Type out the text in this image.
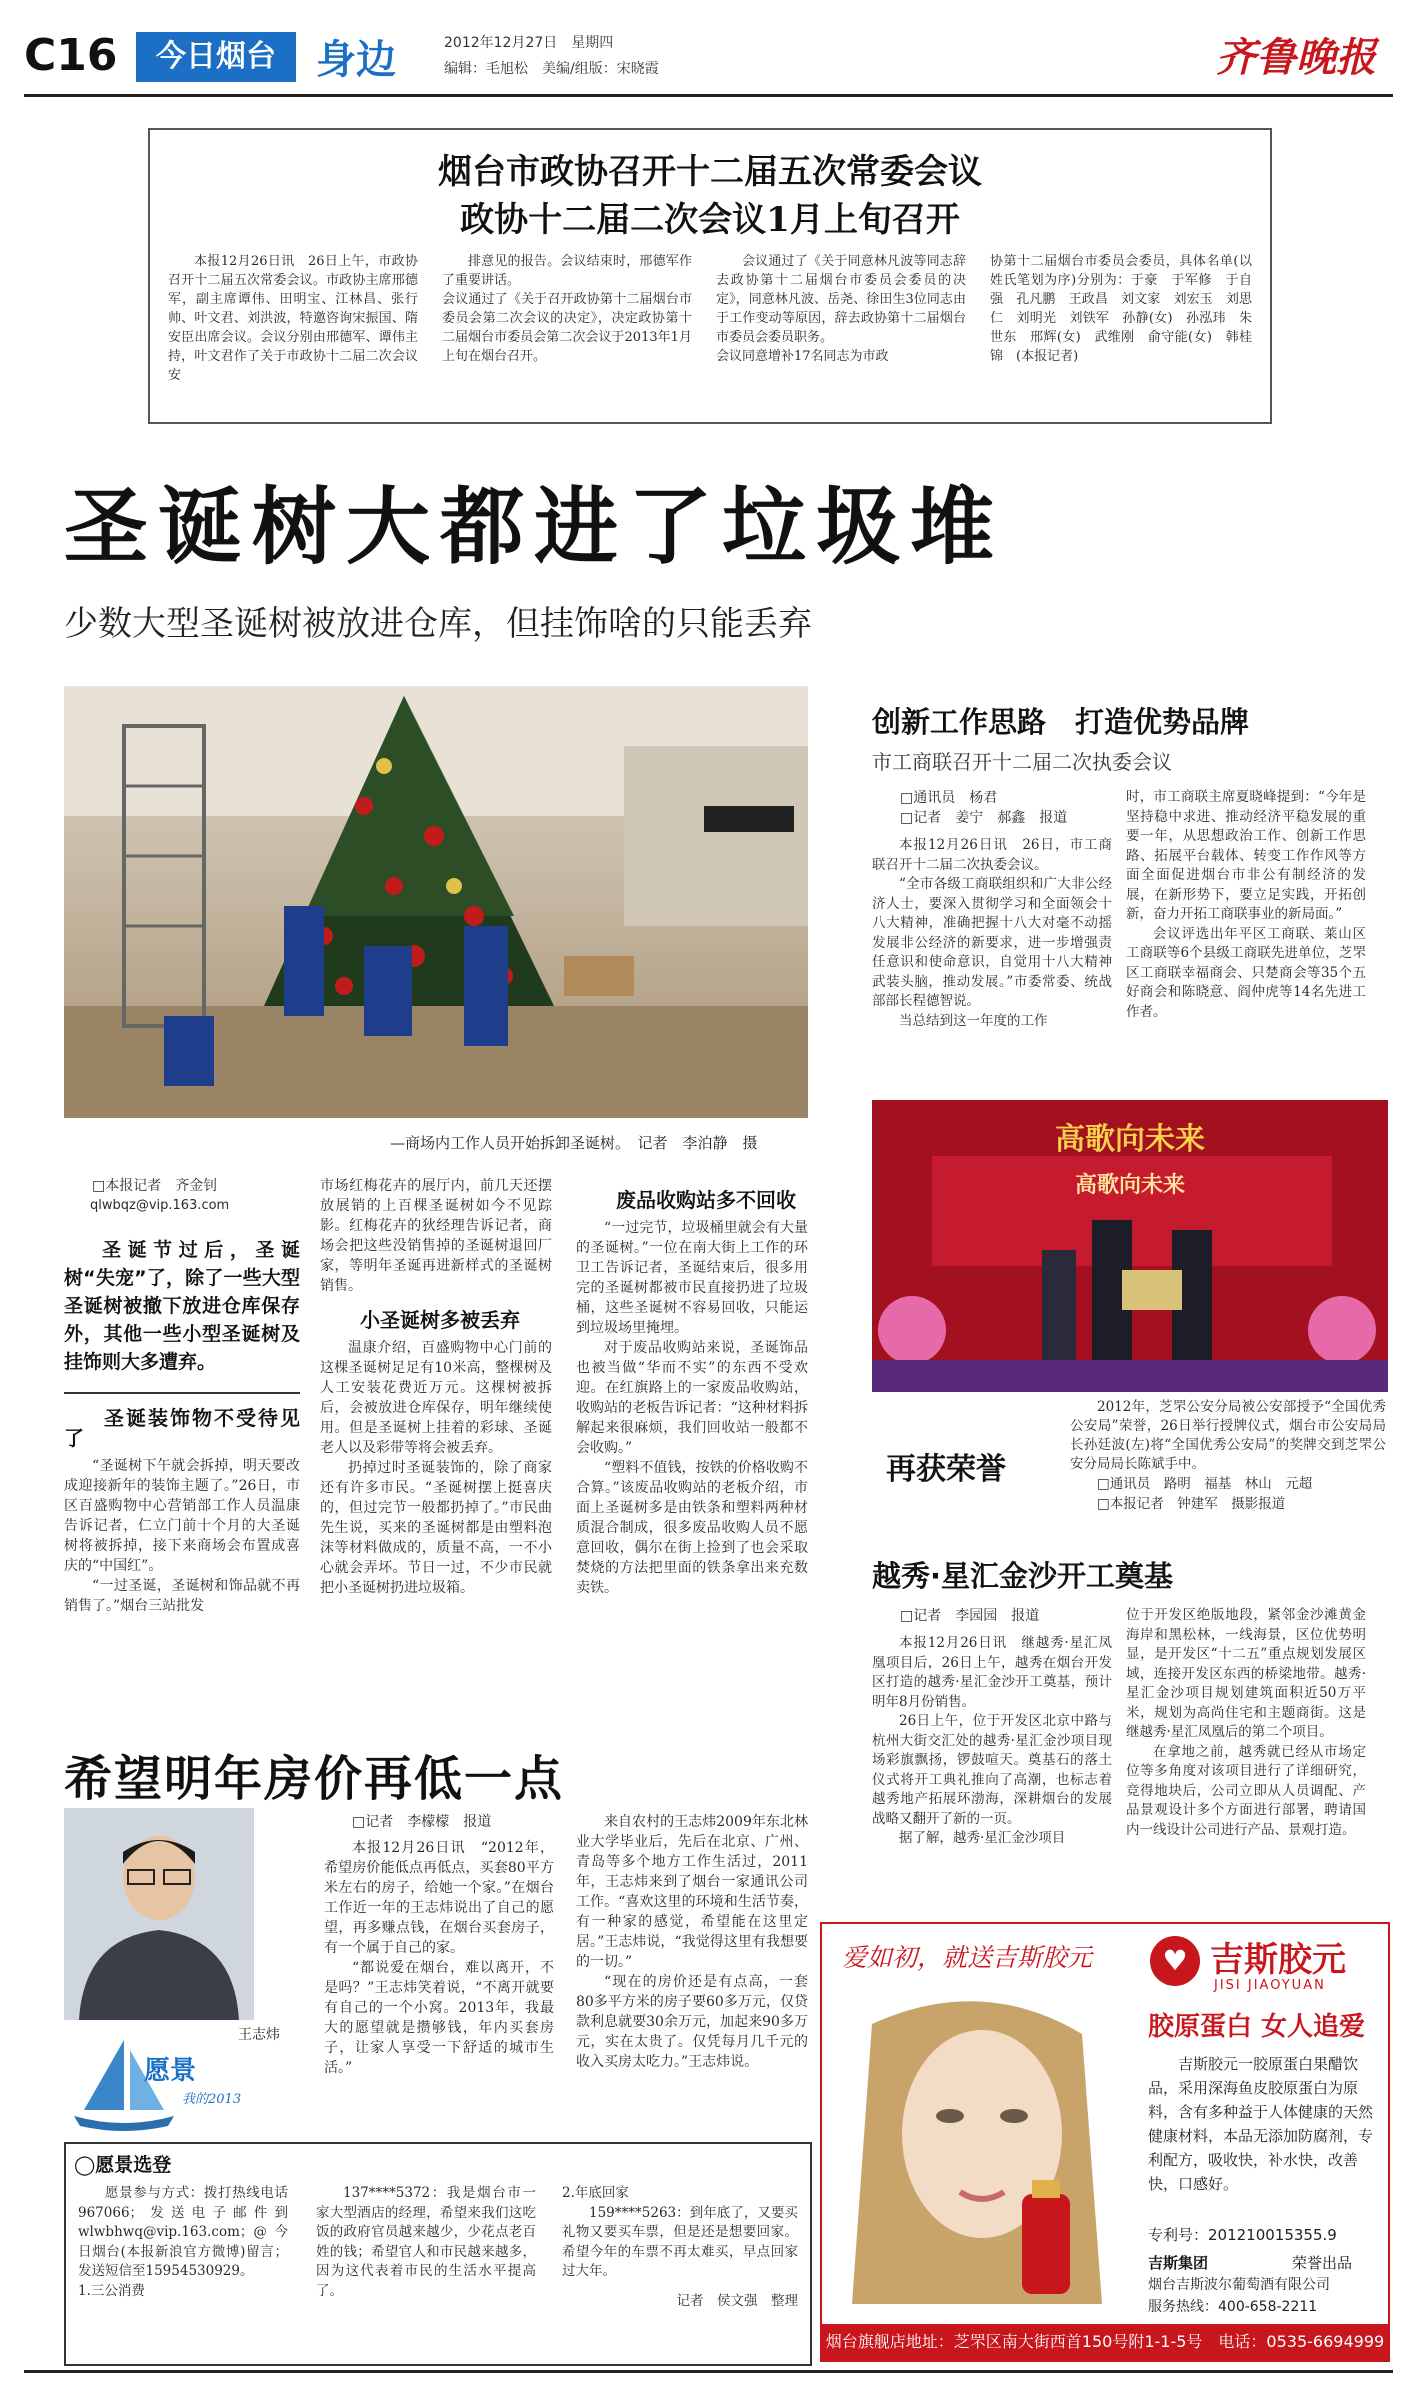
C16	今日烟台	身边	2012年12月27日　星期四
编辑：毛旭松　美编/组版：宋晓霞	齐鲁晚报
烟台市政协召开十二届五次常委会议
政协十二届二次会议1月上旬召开
本报12月26日讯　26日上午，市政协召开十二届五次常委会议。市政协主席邢德军，副主席谭伟、田明宝、江林昌、张行帅、叶文君、刘洪波，特邀咨询宋振国、隋安臣出席会议。会议分别由邢德军、谭伟主持，叶文君作了关于市政协十二届二次会议安
排意见的报告。会议结束时，邢德军作了重要讲话。
会议通过了《关于召开政协第十二届烟台市委员会第二次会议的决定》，决定政协第十二届烟台市委员会第二次会议于2013年1月上旬在烟台召开。
会议通过了《关于同意林凡波等同志辞去政协第十二届烟台市委员会委员的决定》，同意林凡波、岳尧、徐田生3位同志由于工作变动等原因，辞去政协第十二届烟台市委员会委员职务。
会议同意增补17名同志为市政
协第十二届烟台市委员会委员，具体名单(以姓氏笔划为序)分别为：于豪　于军修　于自强　孔凡鹏　王政昌　刘文家　刘宏玉　刘思仁　刘明光　刘铁军　孙静(女)　孙泓玮　朱世东　邢辉(女)　武维刚　俞守能(女)　韩桂锦　(本报记者)
圣诞树大都进了垃圾堆
少数大型圣诞树被放进仓库，但挂饰啥的只能丢弃
—商场内工作人员开始拆卸圣诞树。　记者　李泊静　摄

□本报记者　齐金钊

qlwbqz@vip.163.com

圣诞节过后，圣诞树“失宠”了，除了一些大型圣诞树被撤下放进仓库保存外，其他一些小型圣诞树及挂饰则大多遭弃。

圣诞装饰物不受待见了

“圣诞树下午就会拆掉，明天要改成迎接新年的装饰主题了。”26日，市区百盛购物中心营销部工作人员温康告诉记者，仁立门前十个月的大圣诞树将被拆掉，接下来商场会布置成喜庆的“中国红”。

“一过圣诞，圣诞树和饰品就不再销售了。”烟台三站批发

市场红梅花卉的展厅内，前几天还摆放展销的上百棵圣诞树如今不见踪影。红梅花卉的狄经理告诉记者，商场会把这些没销售掉的圣诞树退回厂家，等明年圣诞再进新样式的圣诞树销售。

小圣诞树多被丢弃

温康介绍，百盛购物中心门前的这棵圣诞树足足有10米高，整棵树及人工安装花费近万元。这棵树被拆后，会被放进仓库保存，明年继续使用。但是圣诞树上挂着的彩球、圣诞老人以及彩带等将会被丢弃。

扔掉过时圣诞装饰的，除了商家还有许多市民。“圣诞树摆上挺喜庆的，但过完节一般都扔掉了。”市民曲先生说，买来的圣诞树都是由塑料泡沫等材料做成的，质量不高，一不小心就会弄坏。节日一过，不少市民就把小圣诞树扔进垃圾箱。

废品收购站多不回收

“一过完节，垃圾桶里就会有大量的圣诞树。”一位在南大街上工作的环卫工告诉记者，圣诞结束后，很多用完的圣诞树都被市民直接扔进了垃圾桶，这些圣诞树不容易回收，只能运到垃圾场里掩埋。

对于废品收购站来说，圣诞饰品也被当做“华而不实”的东西不受欢迎。在红旗路上的一家废品收购站，收购站的老板告诉记者：“这种材料拆解起来很麻烦，我们回收站一般都不会收购。”

“塑料不值钱，按铁的价格收购不合算。”该废品收购站的老板介绍，市面上圣诞树多是由铁条和塑料两种材质混合制成，很多废品收购人员不愿意回收，偶尔在街上捡到了也会采取焚烧的方法把里面的铁条拿出来充数卖铁。

创新工作思路　打造优势品牌
市工商联召开十二届二次执委会议

□通讯员　杨君

□记者　姜宁　郝鑫　报道

本报12月26日讯　26日，市工商联召开十二届二次执委会议。

“全市各级工商联组织和广大非公经济人士，要深入贯彻学习和全面领会十八大精神，准确把握十八大对毫不动摇发展非公经济的新要求，进一步增强责任意识和使命意识，自觉用十八大精神武装头脑，推动发展。”市委常委、统战部部长程德智说。

当总结到这一年度的工作

时，市工商联主席夏晓峰提到：“今年是坚持稳中求进、推动经济平稳发展的重要一年，从思想政治工作、创新工作思路、拓展平台载体、转变工作作风等方面全面促进烟台市非公有制经济的发展，在新形势下，要立足实践，开拓创新，奋力开拓工商联事业的新局面。”

会议评选出年平区工商联、莱山区工商联等6个县级工商联先进单位，芝罘区工商联幸福商会、只楚商会等35个五好商会和陈晓意、阎仲虎等14名先进工作者。

高歌向未来
高歌向未来
再获荣誉

2012年，芝罘公安分局被公安部授予“全国优秀公安局”荣誉，26日举行授牌仪式，烟台市公安局局长孙廷波(左)将“全国优秀公安局”的奖牌交到芝罘公安分局局长陈斌手中。

□通讯员　路明　福基　林山　元超

□本报记者　钟建军　摄影报道

越秀·星汇金沙开工奠基

□记者　李园园　报道

本报12月26日讯　继越秀·星汇凤凰项目后，26日上午，越秀在烟台开发区打造的越秀·星汇金沙开工奠基，预计明年8月份销售。

26日上午，位于开发区北京中路与杭州大街交汇处的越秀·星汇金沙项目现场彩旗飘扬，锣鼓喧天。奠基石的落土仪式将开工典礼推向了高潮，也标志着越秀地产拓展环渤海，深耕烟台的发展战略又翻开了新的一页。

据了解，越秀·星汇金沙项目

位于开发区绝版地段，紧邻金沙滩黄金海岸和黑松林，一线海景，区位优势明显，是开发区“十二五”重点规划发展区域，连接开发区东西的桥梁地带。越秀·星汇金沙项目规划建筑面积近50万平米，规划为高尚住宅和主题商街。这是继越秀·星汇凤凰后的第二个项目。

在拿地之前，越秀就已经从市场定位等多角度对该项目进行了详细研究，竞得地块后，公司立即从人员调配、产品景观设计多个方面进行部署，聘请国内一线设计公司进行产品、景观打造。

希望明年房价再低一点
王志炜

□记者　李檬檬　报道

本报12月26日讯　“2012年，希望房价能低点再低点，买套80平方米左右的房子，给她一个家。”在烟台工作近一年的王志炜说出了自己的愿望，再多赚点钱，在烟台买套房子，有一个属于自己的家。

“都说爱在烟台，难以离开，不是吗？”王志炜笑着说，“不离开就要有自己的一个小窝。2013年，我最大的愿望就是攒够钱，年内买套房子，让家人享受一下舒适的城市生活。”

来自农村的王志炜2009年东北林业大学毕业后，先后在北京、广州、青岛等多个地方工作生活过，2011年，王志炜来到了烟台一家通讯公司工作。“喜欢这里的环境和生活节奏，有一种家的感觉，希望能在这里定居。”王志炜说，“我觉得这里有我想要的一切。”

“现在的房价还是有点高，一套80多平方米的房子要60多万元，仅贷款利息就要30余万元，加起来90多万元，实在太贵了。仅凭每月几千元的收入买房太吃力。”王志炜说。

愿景
我的2013
◯愿景选登

愿景参与方式：拨打热线电话967066；发送电子邮件到wlwbhwq@vip.163.com；@今日烟台(本报新浪官方微博)留言；发送短信至15954530929。

1.三公消费

137****5372：我是烟台市一家大型酒店的经理，希望来我们这吃饭的政府官员越来越少，少花点老百姓的钱；希望官人和市民越来越多，因为这代表着市民的生活水平提高了。

2.年底回家

159****5263：到年底了，又要买礼物又要买车票，但是还是想要回家。希望今年的车票不再太难买，早点回家过大年。

记者　侯文强　整理

爱如初，就送吉斯胶元	♥ 吉斯胶元
JISI JIAOYUAN
胶原蛋白 女人追爱
吉斯胶元一胶原蛋白果醋饮品，采用深海鱼皮胶原蛋白为原料，含有多种益于人体健康的天然健康材料，本品无添加防腐剂，专利配方，吸收快，补水快，改善快，口感好。
专利号：201210015355.9
吉斯集团	荣誉出品
烟台吉斯波尔葡萄酒有限公司
服务热线：400-658-2211
烟台旗舰店地址：芝罘区南大街西首150号附1-1-5号　电话：0535-6694999
